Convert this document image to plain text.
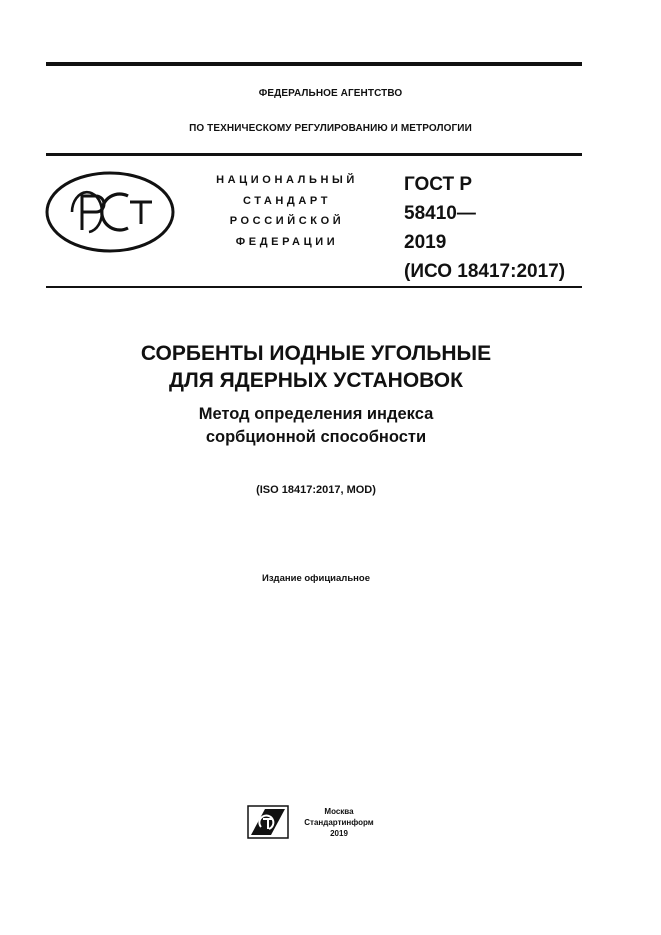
ФЕДЕРАЛЬНОЕ АГЕНТСТВО
ПО ТЕХНИЧЕСКОМУ РЕГУЛИРОВАНИЮ И МЕТРОЛОГИИ
НАЦИОНАЛЬНЫЙ
СТАНДАРТ
РОССИЙСКОЙ
ФЕДЕРАЦИИ
ГОСТ Р
58410—
2019
(ИСО 18417:2017)
СОРБЕНТЫ ИОДНЫЕ УГОЛЬНЫЕ
ДЛЯ ЯДЕРНЫХ УСТАНОВОК
Метод определения индекса
сорбционной способности
(ISO 18417:2017, MOD)
Издание официальное
Москва
Стандартинформ
2019
